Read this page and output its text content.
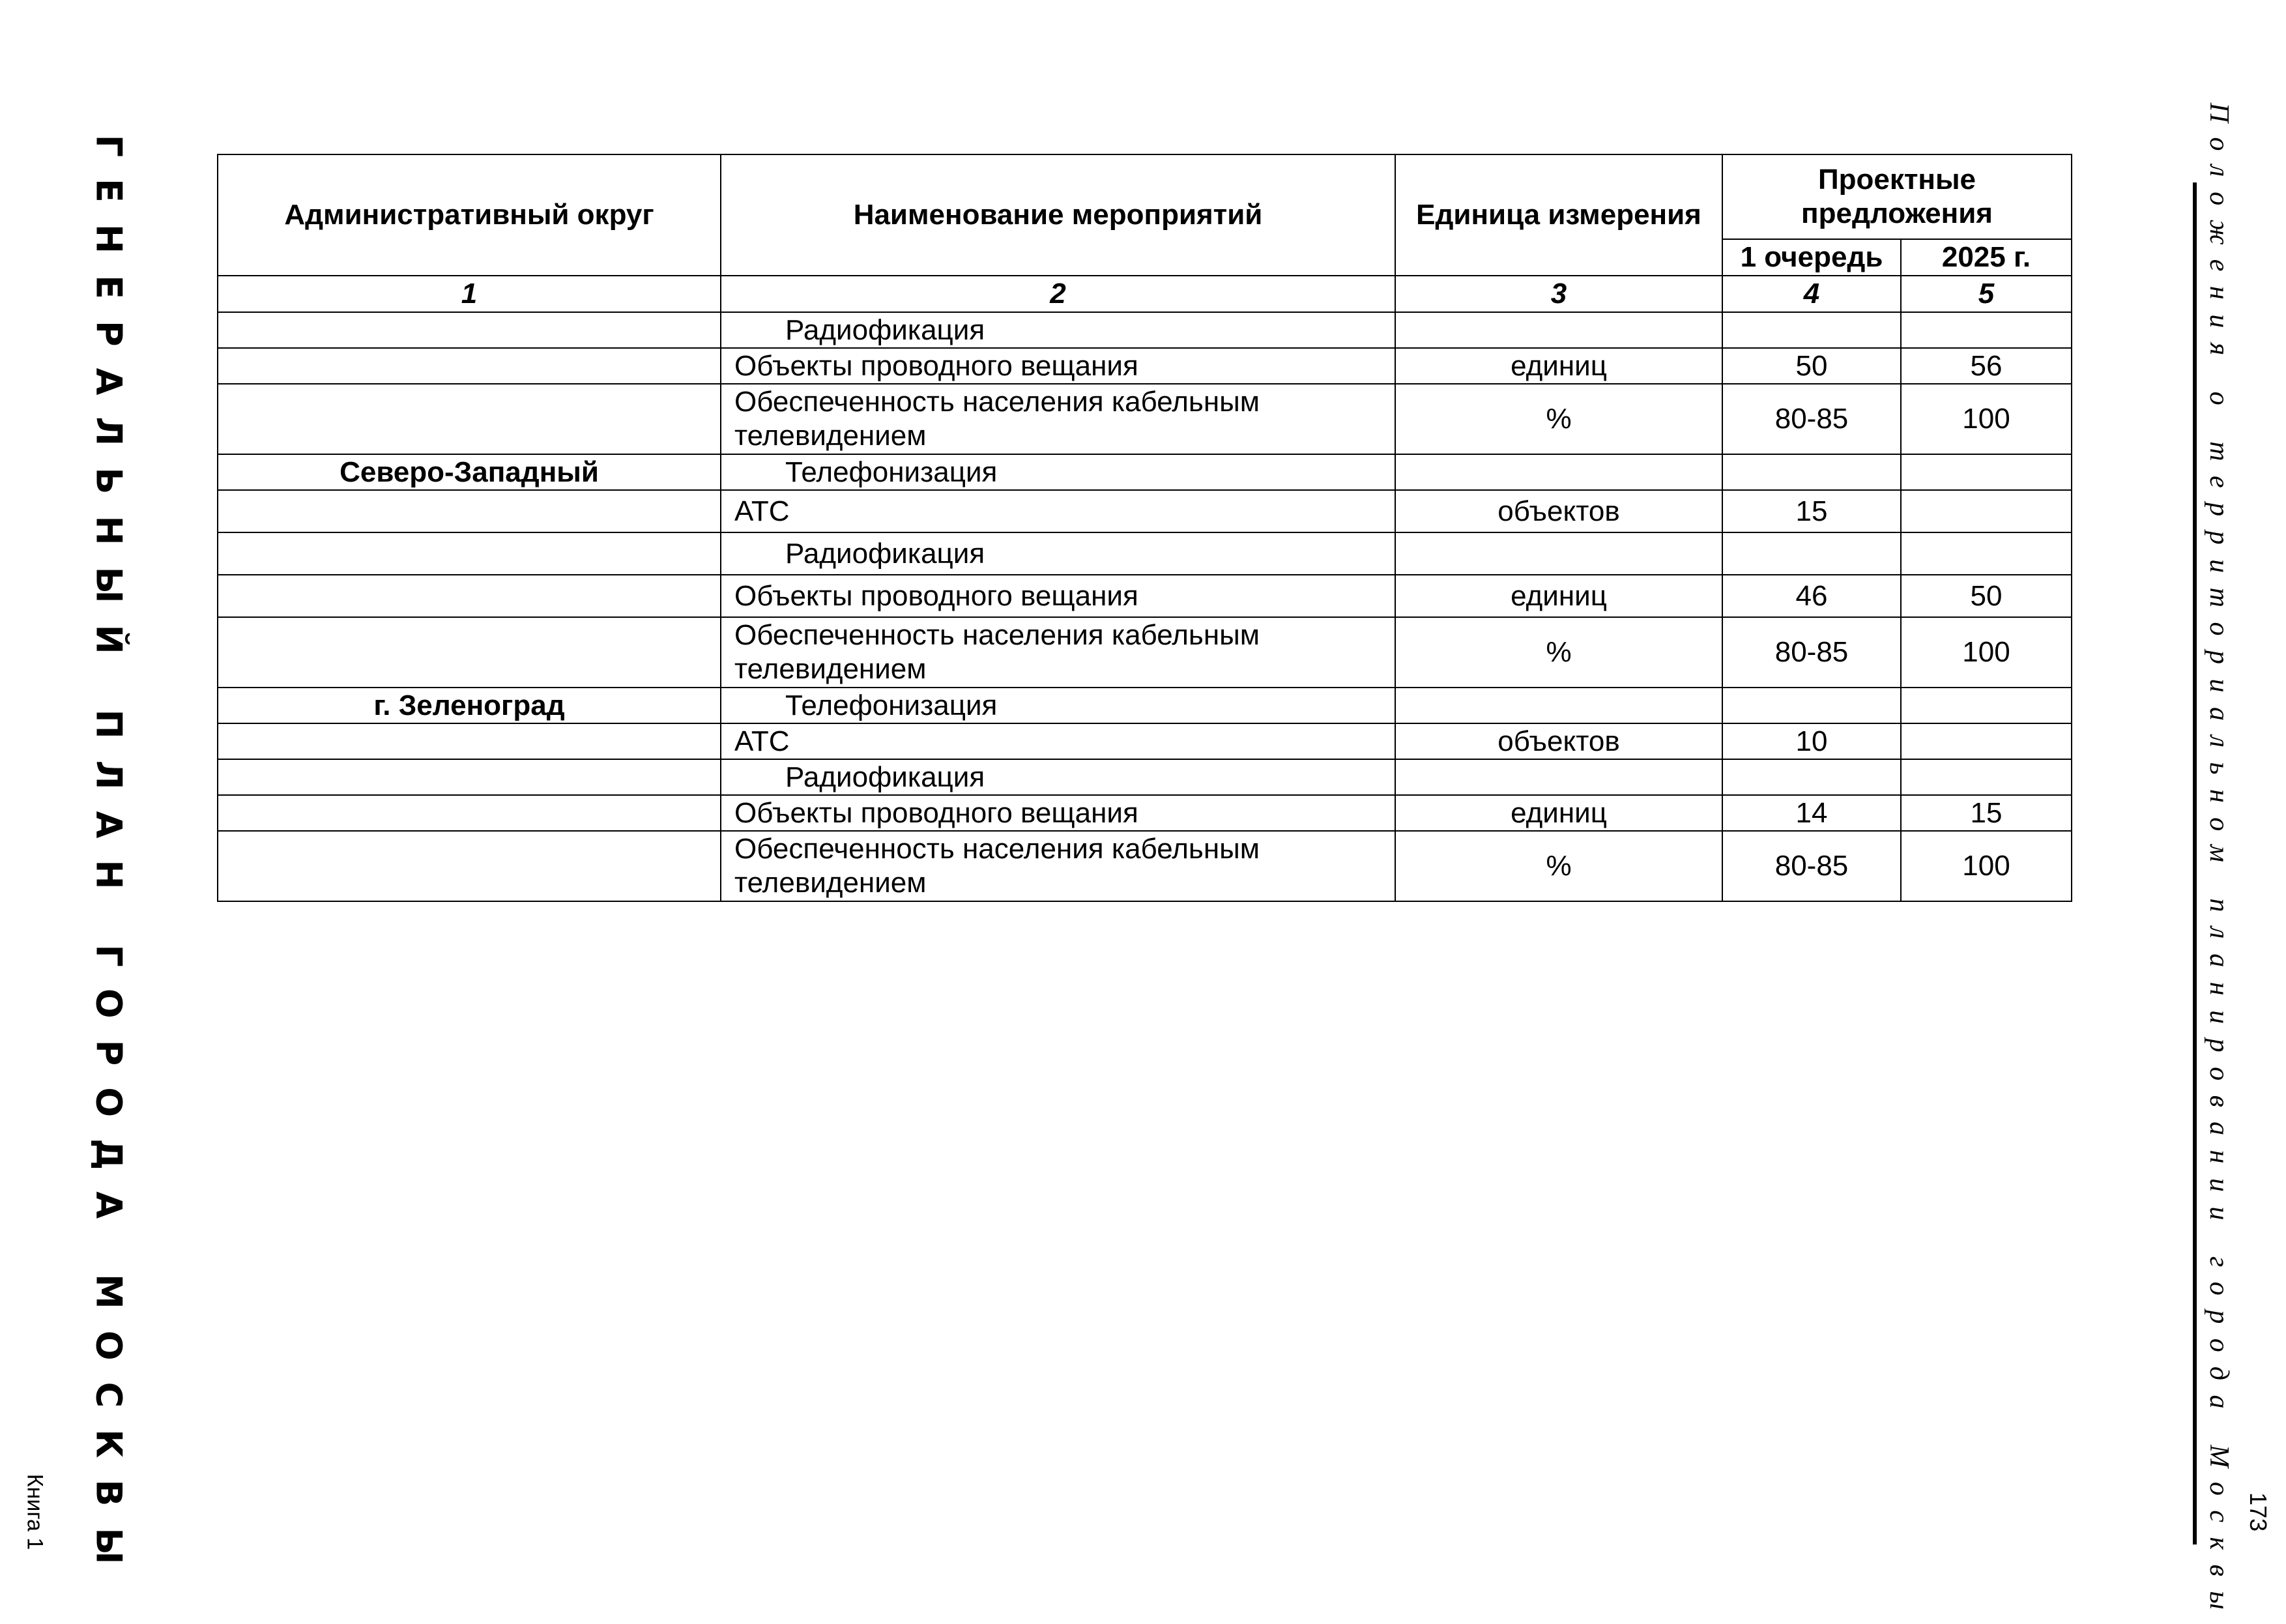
ГЕНЕРАЛЬНЫЙ ПЛАН ГОРОДА МОСКВЫ
Книга 1	Положения о территориальном планировании города Москвы 173
Административный округ	Наименование мероприятий	Единица измерения	Проектные предложения	
			1 очередь	2025 г.
1	2	3	4	5
	Радиофикация			
	Объекты проводного вещания	единиц	50	56
	Обеспеченность населения кабельным телевидением	%	80-85	100
Северо-Западный	Телефонизация			
	АТС	объектов	15	
	Радиофикация			
	Объекты проводного вещания	единиц	46	50
	Обеспеченность населения кабельным телевидением	%	80-85	100
г. Зеленоград	Телефонизация			
	АТС	объектов	10	
	Радиофикация			
	Объекты проводного вещания	единиц	14	15
	Обеспеченность населения кабельным телевидением	%	80-85	100
